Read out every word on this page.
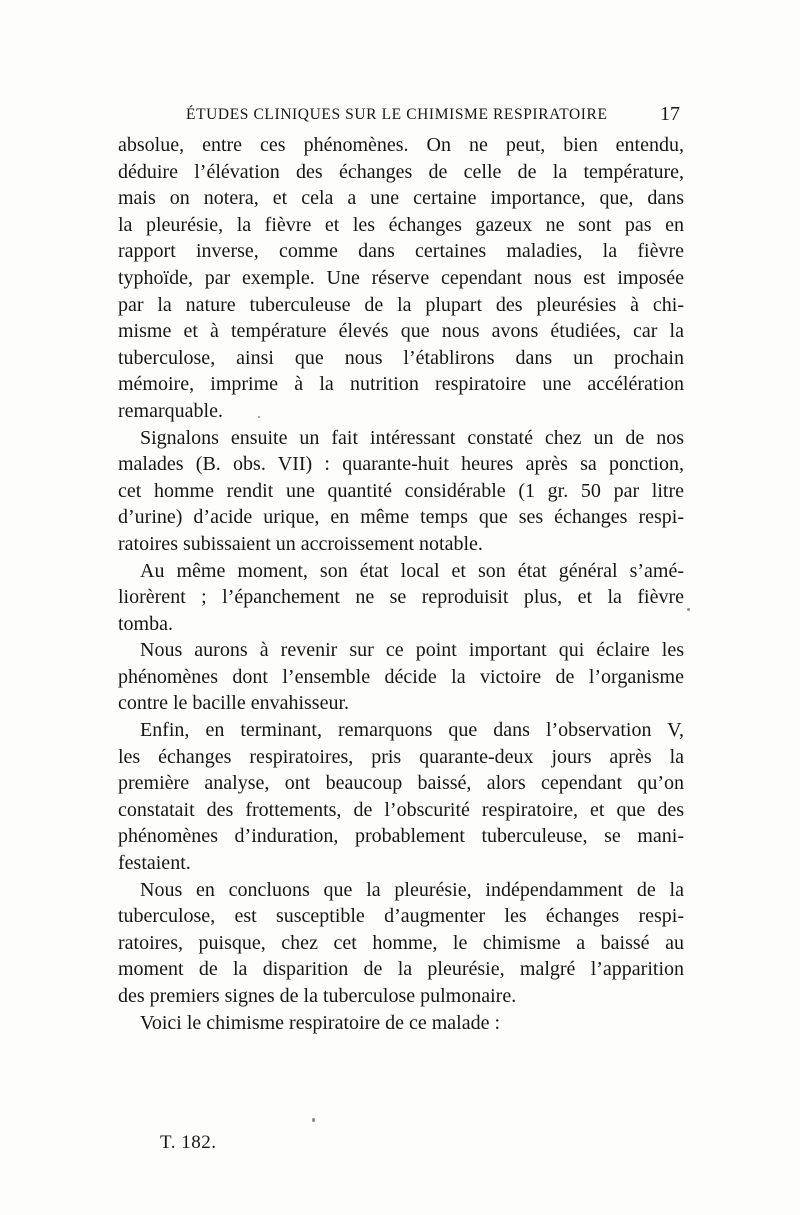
ÉTUDES CLINIQUES SUR LE CHIMISME RESPIRATOIRE	17
absolue, entre ces phénomènes. On ne peut, bien entendu,
déduire l’élévation des échanges de celle de la température,
mais on notera, et cela a une certaine importance, que, dans
la pleurésie, la fièvre et les échanges gazeux ne sont pas en
rapport inverse, comme dans certaines maladies, la fièvre
typhoïde, par exemple. Une réserve cependant nous est imposée
par la nature tuberculeuse de la plupart des pleurésies à chi-
misme et à température élevés que nous avons étudiées, car la
tuberculose, ainsi que nous l’établirons dans un prochain
mémoire, imprime à la nutrition respiratoire une accélération
remarquable.
Signalons ensuite un fait intéressant constaté chez un de nos
malades (B. obs. VII) : quarante-huit heures après sa ponction,
cet homme rendit une quantité considérable (1 gr. 50 par litre
d’urine) d’acide urique, en même temps que ses échanges respi-
ratoires subissaient un accroissement notable.
Au même moment, son état local et son état général s’amé-
liorèrent ; l’épanchement ne se reproduisit plus, et la fièvre
tomba.
Nous aurons à revenir sur ce point important qui éclaire les
phénomènes dont l’ensemble décide la victoire de l’organisme
contre le bacille envahisseur.
Enfin, en terminant, remarquons que dans l’observation V,
les échanges respiratoires, pris quarante-deux jours après la
première analyse, ont beaucoup baissé, alors cependant qu’on
constatait des frottements, de l’obscurité respiratoire, et que des
phénomènes d’induration, probablement tuberculeuse, se mani-
festaient.
Nous en concluons que la pleurésie, indépendamment de la
tuberculose, est susceptible d’augmenter les échanges respi-
ratoires, puisque, chez cet homme, le chimisme a baissé au
moment de la disparition de la pleurésie, malgré l’apparition
des premiers signes de la tuberculose pulmonaire.
Voici le chimisme respiratoire de ce malade :
T. 182.
